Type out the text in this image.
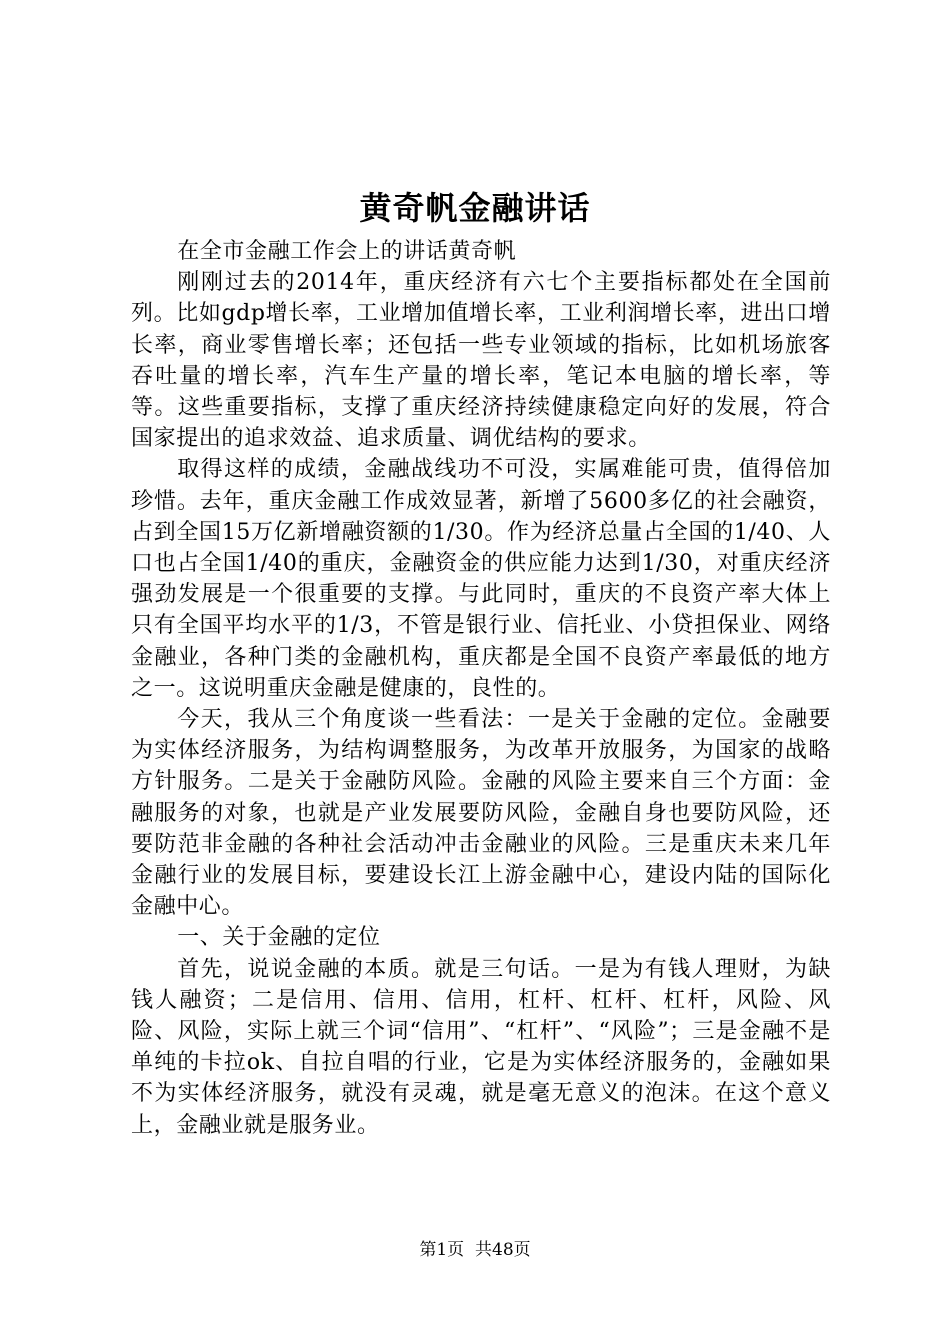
黄奇帆金融讲话

在全市金融工作会上的讲话黄奇帆

刚刚过去的2014年，重庆经济有六七个主要指标都处在全国前列。比如gdp增长率，工业增加值增长率，工业利润增长率，进出口增长率，商业零售增长率；还包括一些专业领域的指标，比如机场旅客吞吐量的增长率，汽车生产量的增长率，笔记本电脑的增长率，等等。这些重要指标，支撑了重庆经济持续健康稳定向好的发展，符合国家提出的追求效益、追求质量、调优结构的要求。

取得这样的成绩，金融战线功不可没，实属难能可贵，值得倍加珍惜。去年，重庆金融工作成效显著，新增了5600多亿的社会融资，占到全国15万亿新增融资额的1/30。作为经济总量占全国的1/40、人口也占全国1/40的重庆，金融资金的供应能力达到1/30，对重庆经济强劲发展是一个很重要的支撑。与此同时，重庆的不良资产率大体上只有全国平均水平的1/3，不管是银行业、信托业、小贷担保业、网络金融业，各种门类的金融机构，重庆都是全国不良资产率最低的地方之一。这说明重庆金融是健康的，良性的。

今天，我从三个角度谈一些看法：一是关于金融的定位。金融要为实体经济服务，为结构调整服务，为改革开放服务，为国家的战略方针服务。二是关于金融防风险。金融的风险主要来自三个方面：金融服务的对象，也就是产业发展要防风险，金融自身也要防风险，还要防范非金融的各种社会活动冲击金融业的风险。三是重庆未来几年金融行业的发展目标，要建设长江上游金融中心，建设内陆的国际化金融中心。

一、关于金融的定位

首先，说说金融的本质。就是三句话。一是为有钱人理财，为缺钱人融资；二是信用、信用、信用，杠杆、杠杆、杠杆，风险、风险、风险，实际上就三个词“信用”、“杠杆”、“风险”；三是金融不是单纯的卡拉ok、自拉自唱的行业，它是为实体经济服务的，金融如果不为实体经济服务，就没有灵魂，就是毫无意义的泡沫。在这个意义上，金融业就是服务业。

第1页 共48页
